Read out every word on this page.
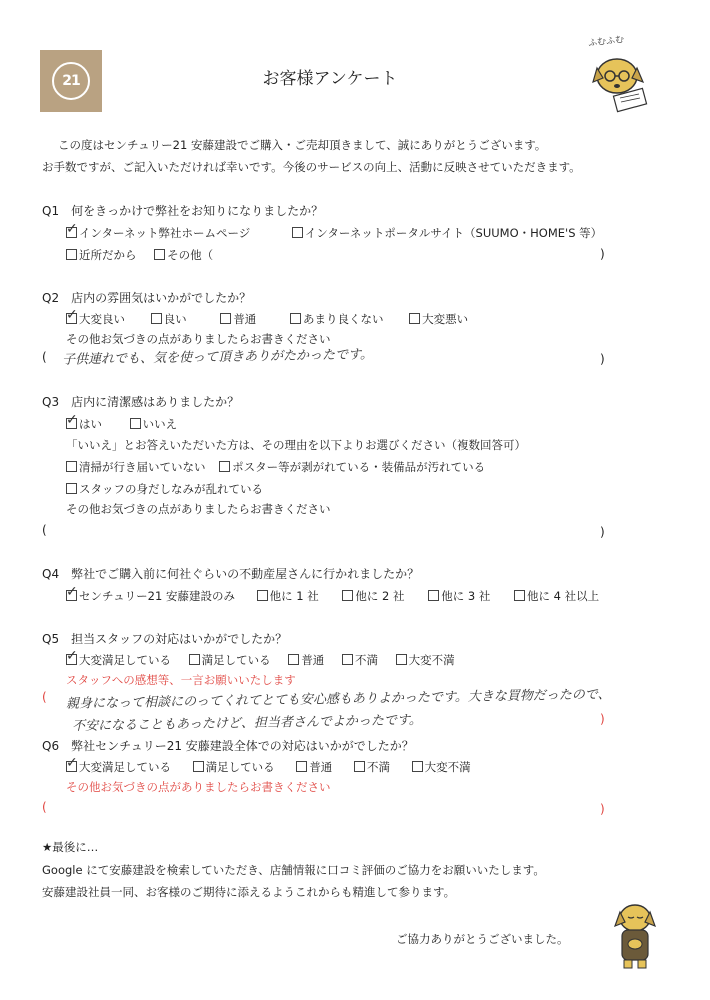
21	お客様アンケート
ふむふむ
この度はセンチュリー21 安藤建設でご購入・ご売却頂きまして、誠にありがとうございます。
お手数ですが、ご記入いただければ幸いです。今後のサービスの向上、活動に反映させていただきます。
Q1　何をきっかけで弊社をお知りになりましたか？
✓インターネット弊社ホームページ	インターネットポータルサイト（SUUMO・HOME'S 等）
近所だから	その他（	)
Q2　店内の雰囲気はいかがでしたか？
✓大変良い	良い	普通	あまり良くない	大変悪い
その他お気づきの点がありましたらお書きください
( 子供連れでも、気を使って頂きありがたかったです。	)
Q3　店内に清潔感はありましたか？
✓はい	いいえ
「いいえ」とお答えいただいた方は、その理由を以下よりお選びください（複数回答可）
清掃が行き届いていない ポスター等が剥がれている・装備品が汚れている
スタッフの身だしなみが乱れている
その他お気づきの点がありましたらお書きください
(	)
Q4　弊社でご購入前に何社ぐらいの不動産屋さんに行かれましたか？
✓センチュリー21 安藤建設のみ	他に 1 社	他に 2 社	他に 3 社	他に 4 社以上
Q5　担当スタッフの対応はいかがでしたか？
✓大変満足している	満足している	普通	不満	大変不満
スタッフへの感想等、一言お願いいたします
( 親身になって相談にのってくれてとても安心感もありよかったです。大きな買物だったので、
不安になることもあったけど、担当者さんでよかったです。	)
Q6　弊社センチュリー21 安藤建設全体での対応はいかがでしたか？
✓大変満足している	満足している	普通	不満	大変不満
その他お気づきの点がありましたらお書きください
(	)
★最後に…
Google にて安藤建設を検索していただき、店舗情報に口コミ評価のご協力をお願いいたします。
安藤建設社員一同、お客様のご期待に添えるようこれからも精進して参ります。
ご協力ありがとうございました。
